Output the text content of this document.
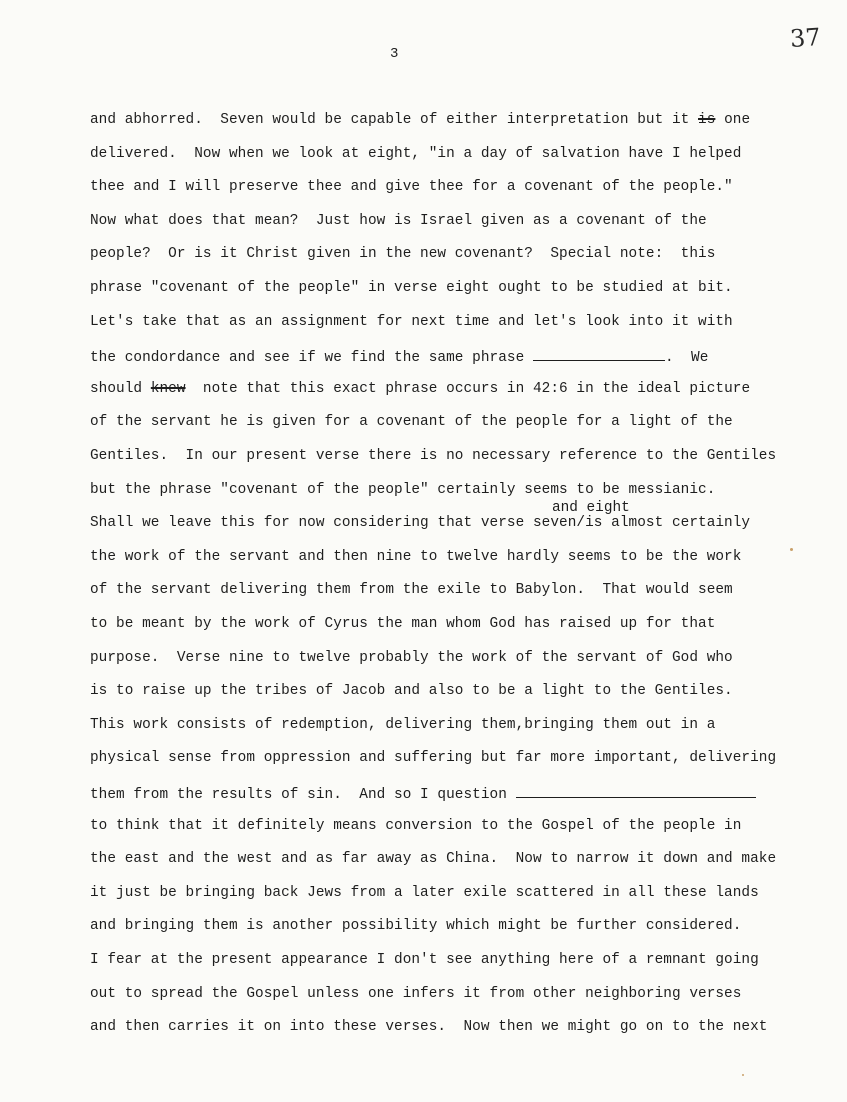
3
37
and eight
and abhorred.  Seven would be capable of either interpretation but it is one
delivered.  Now when we look at eight, "in a day of salvation have I helped
thee and I will preserve thee and give thee for a covenant of the people."
Now what does that mean?  Just how is Israel given as a covenant of the
people?  Or is it Christ given in the new covenant?  Special note:  this
phrase "covenant of the people" in verse eight ought to be studied at bit.
Let's take that as an assignment for next time and let's look into it with
the condordance and see if we find the same phrase	.  We
should knew  note that this exact phrase occurs in 42:6 in the ideal picture
of the servant he is given for a covenant of the people for a light of the
Gentiles.  In our present verse there is no necessary reference to the Gentiles
but the phrase "covenant of the people" certainly seems to be messianic.
Shall we leave this for now considering that verse seven/is almost certainly
the work of the servant and then nine to twelve hardly seems to be the work
of the servant delivering them from the exile to Babylon.  That would seem
to be meant by the work of Cyrus the man whom God has raised up for that
purpose.  Verse nine to twelve probably the work of the servant of God who
is to raise up the tribes of Jacob and also to be a light to the Gentiles.
This work consists of redemption, delivering them,bringing them out in a
physical sense from oppression and suffering but far more important, delivering
them from the results of sin.  And so I question
to think that it definitely means conversion to the Gospel of the people in
the east and the west and as far away as China.  Now to narrow it down and make
it just be bringing back Jews from a later exile scattered in all these lands
and bringing them is another possibility which might be further considered.
I fear at the present appearance I don't see anything here of a remnant going
out to spread the Gospel unless one infers it from other neighboring verses
and then carries it on into these verses.  Now then we might go on to the next
